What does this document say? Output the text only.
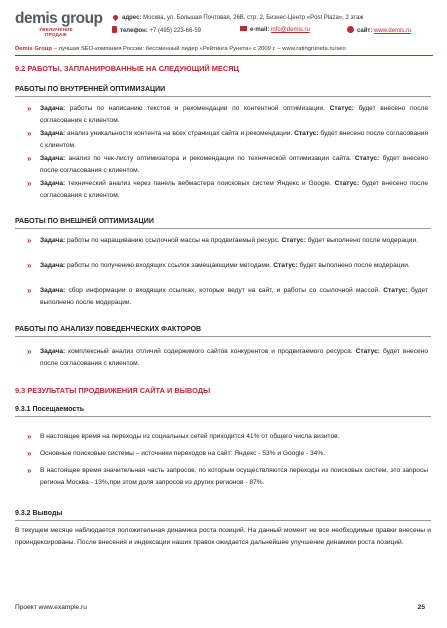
demis group
УВЕЛИЧЕНИЕ ПРОДАЖ
адрес: Москва, ул. Большая Почтовая, 26В, стр. 2, Бизнес-Центр «Post Plaza», 2 этаж
телефон: +7 (495) 223-66-59	e-mail: info@demis.ru	сайт: www.demis.ru
Demis Group – лучшая SEO-компания России: бессменный лидер «Рейтинга Рунета» с 2009 г. – www.ratingruneta.ru/seo
9.2 РАБОТЫ, ЗАПЛАНИРОВАННЫЕ НА СЛЕДУЮЩИЙ МЕСЯЦ
РАБОТЫ ПО ВНУТРЕННЕЙ ОПТИМИЗАЦИИ
» Задача: работы по написанию текстов и рекомендации по контентной оптимизации. Статус: будет внесено после согласования с клиентом.
» Задача: анализ уникальности контента на всех страницах сайта и рекомендации. Статус: будет внесено после согласования с клиентом.
» Задача: анализ по чек-листу оптимизатора и рекомендации по технической оптимизации сайта. Статус: будет внесено после согласования с клиентом.
» Задача: технический анализ через панель вебмастера поисковых систем Яндекс и Google. Статус: будет внесено после согласования с клиентом.
РАБОТЫ ПО ВНЕШНЕЙ ОПТИМИЗАЦИИ
» Задача: работы по наращиванию ссылочной массы на продвигаемый ресурс. Статус: будет выполнено после модерации.
» Задача: работы по получению входящих ссылок замещающими методами. Статус: будет выполнено после модерации.
» Задача: сбор информации о входящих ссылках, которые ведут на сайт, и работы со ссылочной массой. Статус: будет выполнено после модерации.
РАБОТЫ ПО АНАЛИЗУ ПОВЕДЕНЧЕСКИХ ФАКТОРОВ
» Задача: комплексный анализ отличий содержимого сайтов конкурентов и продвигаемого ресурса. Статус: будет внесено после согласования с клиентом.
9.3 РЕЗУЛЬТАТЫ ПРОДВИЖЕНИЯ САЙТА И ВЫВОДЫ
9.3.1 Посещаемость
» В настоящее время на переходы из социальных сетей приходится 41% от общего числа визитов.
» Основные поисковые системы – источники переходов на сайт: Яндекс - 53% и Google - 34%.
» В настоящее время значительная часть запросов, по которым осуществляются переходы из поисковых систем, это запросы региона Москва - 13%,при этом доля запросов из других регионов - 87%.
9.3.2 Выводы
В текущем месяце наблюдается положительная динамика роста позиций. На данный момент не все необходимые правки внесены и проиндексированы. После внесения и индексации наших правок ожидается дальнейшее улучшение динамики роста позиций.
Проект www.example.ru	25
